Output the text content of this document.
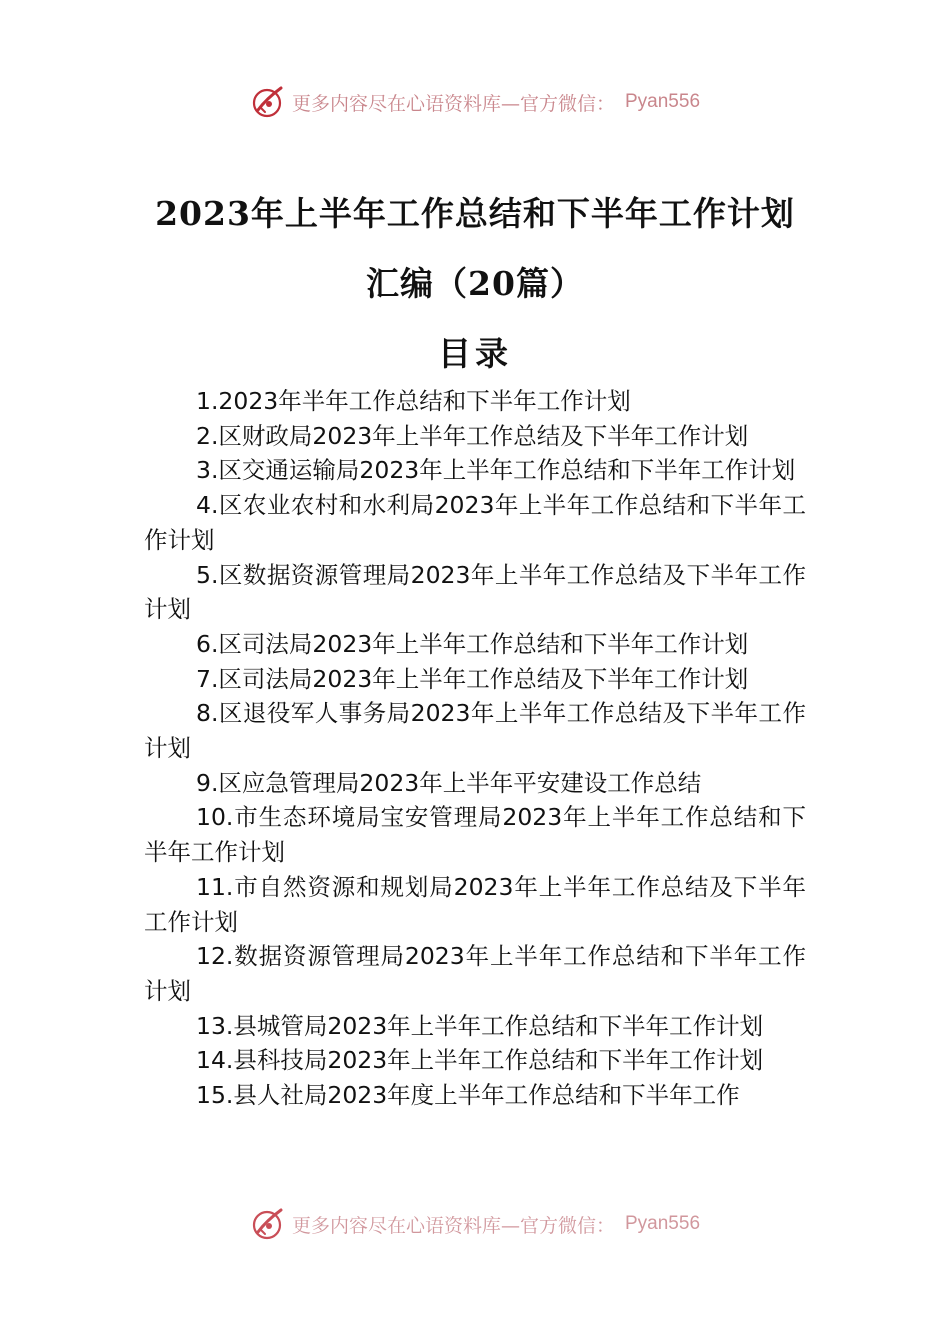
更多内容尽在心语资料库—官方微信： Pyan556
2023年上半年工作总结和下半年工作计划
汇编（20篇）
目录
1.2023年半年工作总结和下半年工作计划
2.区财政局2023年上半年工作总结及下半年工作计划
3.区交通运输局2023年上半年工作总结和下半年工作计划
4.区农业农村和水利局2023年上半年工作总结和下半年工作计划
5.区数据资源管理局2023年上半年工作总结及下半年工作计划
6.区司法局2023年上半年工作总结和下半年工作计划
7.区司法局2023年上半年工作总结及下半年工作计划
8.区退役军人事务局2023年上半年工作总结及下半年工作计划
9.区应急管理局2023年上半年平安建设工作总结
10.市生态环境局宝安管理局2023年上半年工作总结和下半年工作计划
11.市自然资源和规划局2023年上半年工作总结及下半年工作计划
12.数据资源管理局2023年上半年工作总结和下半年工作计划
13.县城管局2023年上半年工作总结和下半年工作计划
14.县科技局2023年上半年工作总结和下半年工作计划
15.县人社局2023年度上半年工作总结和下半年工作
更多内容尽在心语资料库—官方微信： Pyan556
